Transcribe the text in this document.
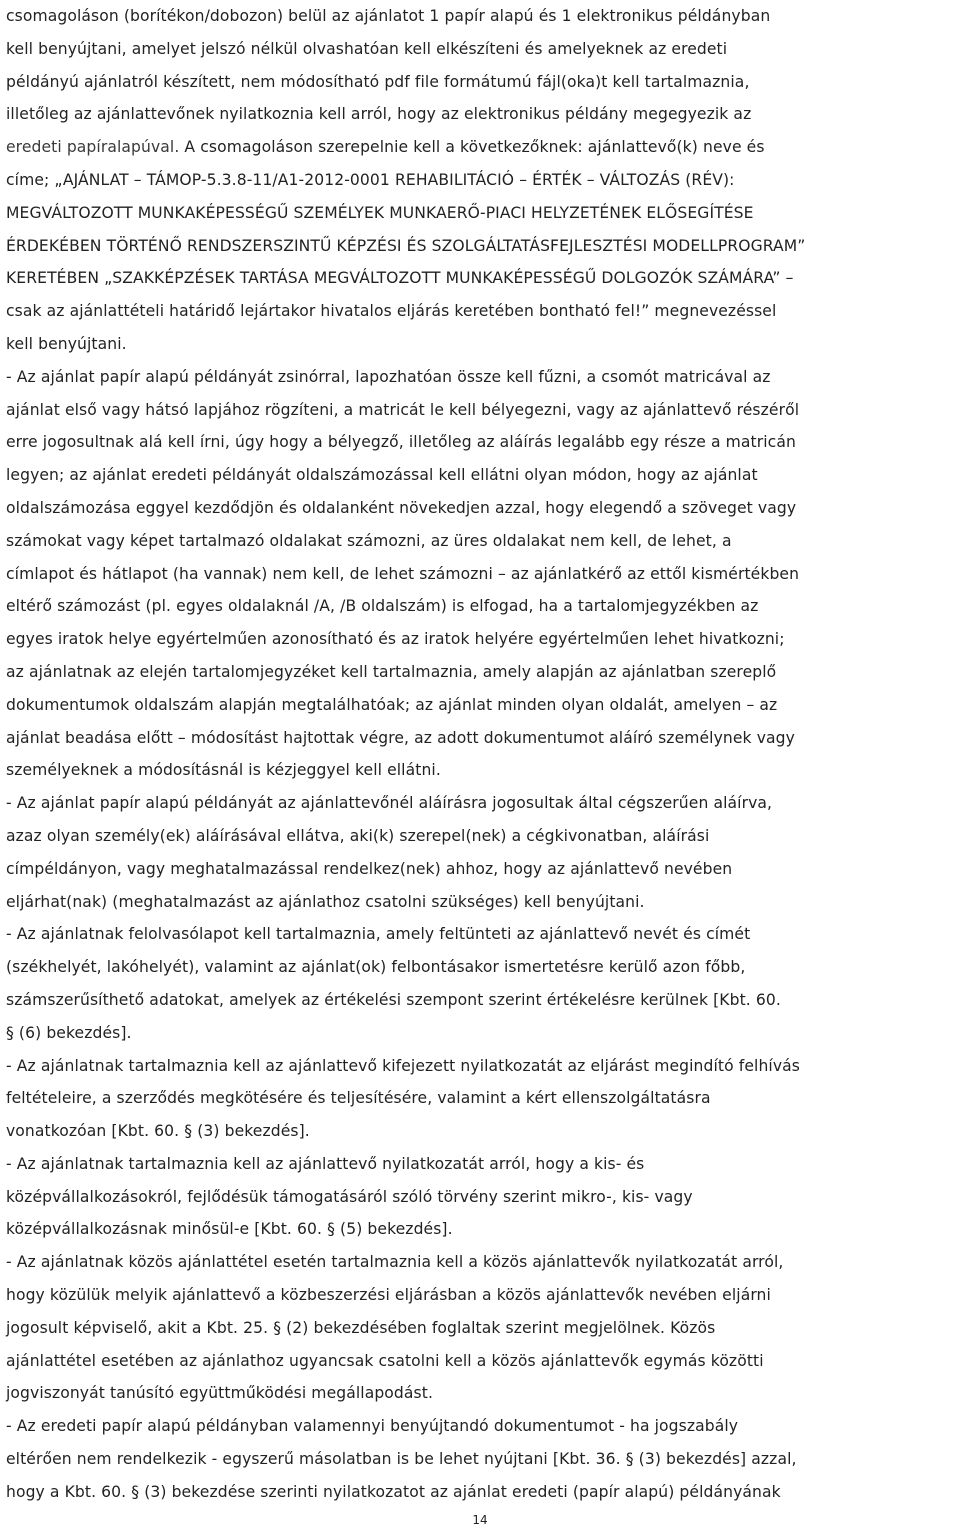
csomagoláson (borítékon/dobozon) belül az ajánlatot 1 papír alapú és 1 elektronikus példányban
kell benyújtani, amelyet jelszó nélkül olvashatóan kell elkészíteni és amelyeknek az eredeti
példányú ajánlatról készített, nem módosítható pdf file formátumú fájl(oka)t kell tartalmaznia,
illetőleg az ajánlattevőnek nyilatkoznia kell arról, hogy az elektronikus példány megegyezik az
eredeti papíralapúval. A csomagoláson szerepelnie kell a következőknek: ajánlattevő(k) neve és
címe; „AJÁNLAT – TÁMOP-5.3.8-11/A1-2012-0001 REHABILITÁCIÓ – ÉRTÉK – VÁLTOZÁS (RÉV):
MEGVÁLTOZOTT MUNKAKÉPESSÉGŰ SZEMÉLYEK MUNKAERŐ-PIACI HELYZETÉNEK ELŐSEGÍTÉSE
ÉRDEKÉBEN TÖRTÉNŐ RENDSZERSZINTŰ KÉPZÉSI ÉS SZOLGÁLTATÁSFEJLESZTÉSI MODELLPROGRAM”
KERETÉBEN „SZAKKÉPZÉSEK TARTÁSA MEGVÁLTOZOTT MUNKAKÉPESSÉGŰ DOLGOZÓK SZÁMÁRA” –
csak az ajánlattételi határidő lejártakor hivatalos eljárás keretében bontható fel!” megnevezéssel
kell benyújtani.
- Az ajánlat papír alapú példányát zsinórral, lapozhatóan össze kell fűzni, a csomót matricával az
ajánlat első vagy hátsó lapjához rögzíteni, a matricát le kell bélyegezni, vagy az ajánlattevő részéről
erre jogosultnak alá kell írni, úgy hogy a bélyegző, illetőleg az aláírás legalább egy része a matricán
legyen; az ajánlat eredeti példányát oldalszámozással kell ellátni olyan módon, hogy az ajánlat
oldalszámozása eggyel kezdődjön és oldalanként növekedjen azzal, hogy elegendő a szöveget vagy
számokat vagy képet tartalmazó oldalakat számozni, az üres oldalakat nem kell, de lehet, a
címlapot és hátlapot (ha vannak) nem kell, de lehet számozni – az ajánlatkérő az ettől kismértékben
eltérő számozást (pl. egyes oldalaknál /A, /B oldalszám) is elfogad, ha a tartalomjegyzékben az
egyes iratok helye egyértelműen azonosítható és az iratok helyére egyértelműen lehet hivatkozni;
az ajánlatnak az elején tartalomjegyzéket kell tartalmaznia, amely alapján az ajánlatban szereplő
dokumentumok oldalszám alapján megtalálhatóak; az ajánlat minden olyan oldalát, amelyen – az
ajánlat beadása előtt – módosítást hajtottak végre, az adott dokumentumot aláíró személynek vagy
személyeknek a módosításnál is kézjeggyel kell ellátni.
- Az ajánlat papír alapú példányát az ajánlattevőnél aláírásra jogosultak által cégszerűen aláírva,
azaz olyan személy(ek) aláírásával ellátva, aki(k) szerepel(nek) a cégkivonatban, aláírási
címpéldányon, vagy meghatalmazással rendelkez(nek) ahhoz, hogy az ajánlattevő nevében
eljárhat(nak) (meghatalmazást az ajánlathoz csatolni szükséges) kell benyújtani.
- Az ajánlatnak felolvasólapot kell tartalmaznia, amely feltünteti az ajánlattevő nevét és címét
(székhelyét, lakóhelyét), valamint az ajánlat(ok) felbontásakor ismertetésre kerülő azon főbb,
számszerűsíthető adatokat, amelyek az értékelési szempont szerint értékelésre kerülnek [Kbt. 60.
§ (6) bekezdés].
- Az ajánlatnak tartalmaznia kell az ajánlattevő kifejezett nyilatkozatát az eljárást megindító felhívás
feltételeire, a szerződés megkötésére és teljesítésére, valamint a kért ellenszolgáltatásra
vonatkozóan [Kbt. 60. § (3) bekezdés].
- Az ajánlatnak tartalmaznia kell az ajánlattevő nyilatkozatát arról, hogy a kis- és
középvállalkozásokról, fejlődésük támogatásáról szóló törvény szerint mikro-, kis- vagy
középvállalkozásnak minősül-e [Kbt. 60. § (5) bekezdés].
- Az ajánlatnak közös ajánlattétel esetén tartalmaznia kell a közös ajánlattevők nyilatkozatát arról,
hogy közülük melyik ajánlattevő a közbeszerzési eljárásban a közös ajánlattevők nevében eljárni
jogosult képviselő, akit a Kbt. 25. § (2) bekezdésében foglaltak szerint megjelölnek. Közös
ajánlattétel esetében az ajánlathoz ugyancsak csatolni kell a közös ajánlattevők egymás közötti
jogviszonyát tanúsító együttműködési megállapodást.
- Az eredeti papír alapú példányban valamennyi benyújtandó dokumentumot - ha jogszabály
eltérően nem rendelkezik - egyszerű másolatban is be lehet nyújtani [Kbt. 36. § (3) bekezdés] azzal,
hogy a Kbt. 60. § (3) bekezdése szerinti nyilatkozatot az ajánlat eredeti (papír alapú) példányának
14
